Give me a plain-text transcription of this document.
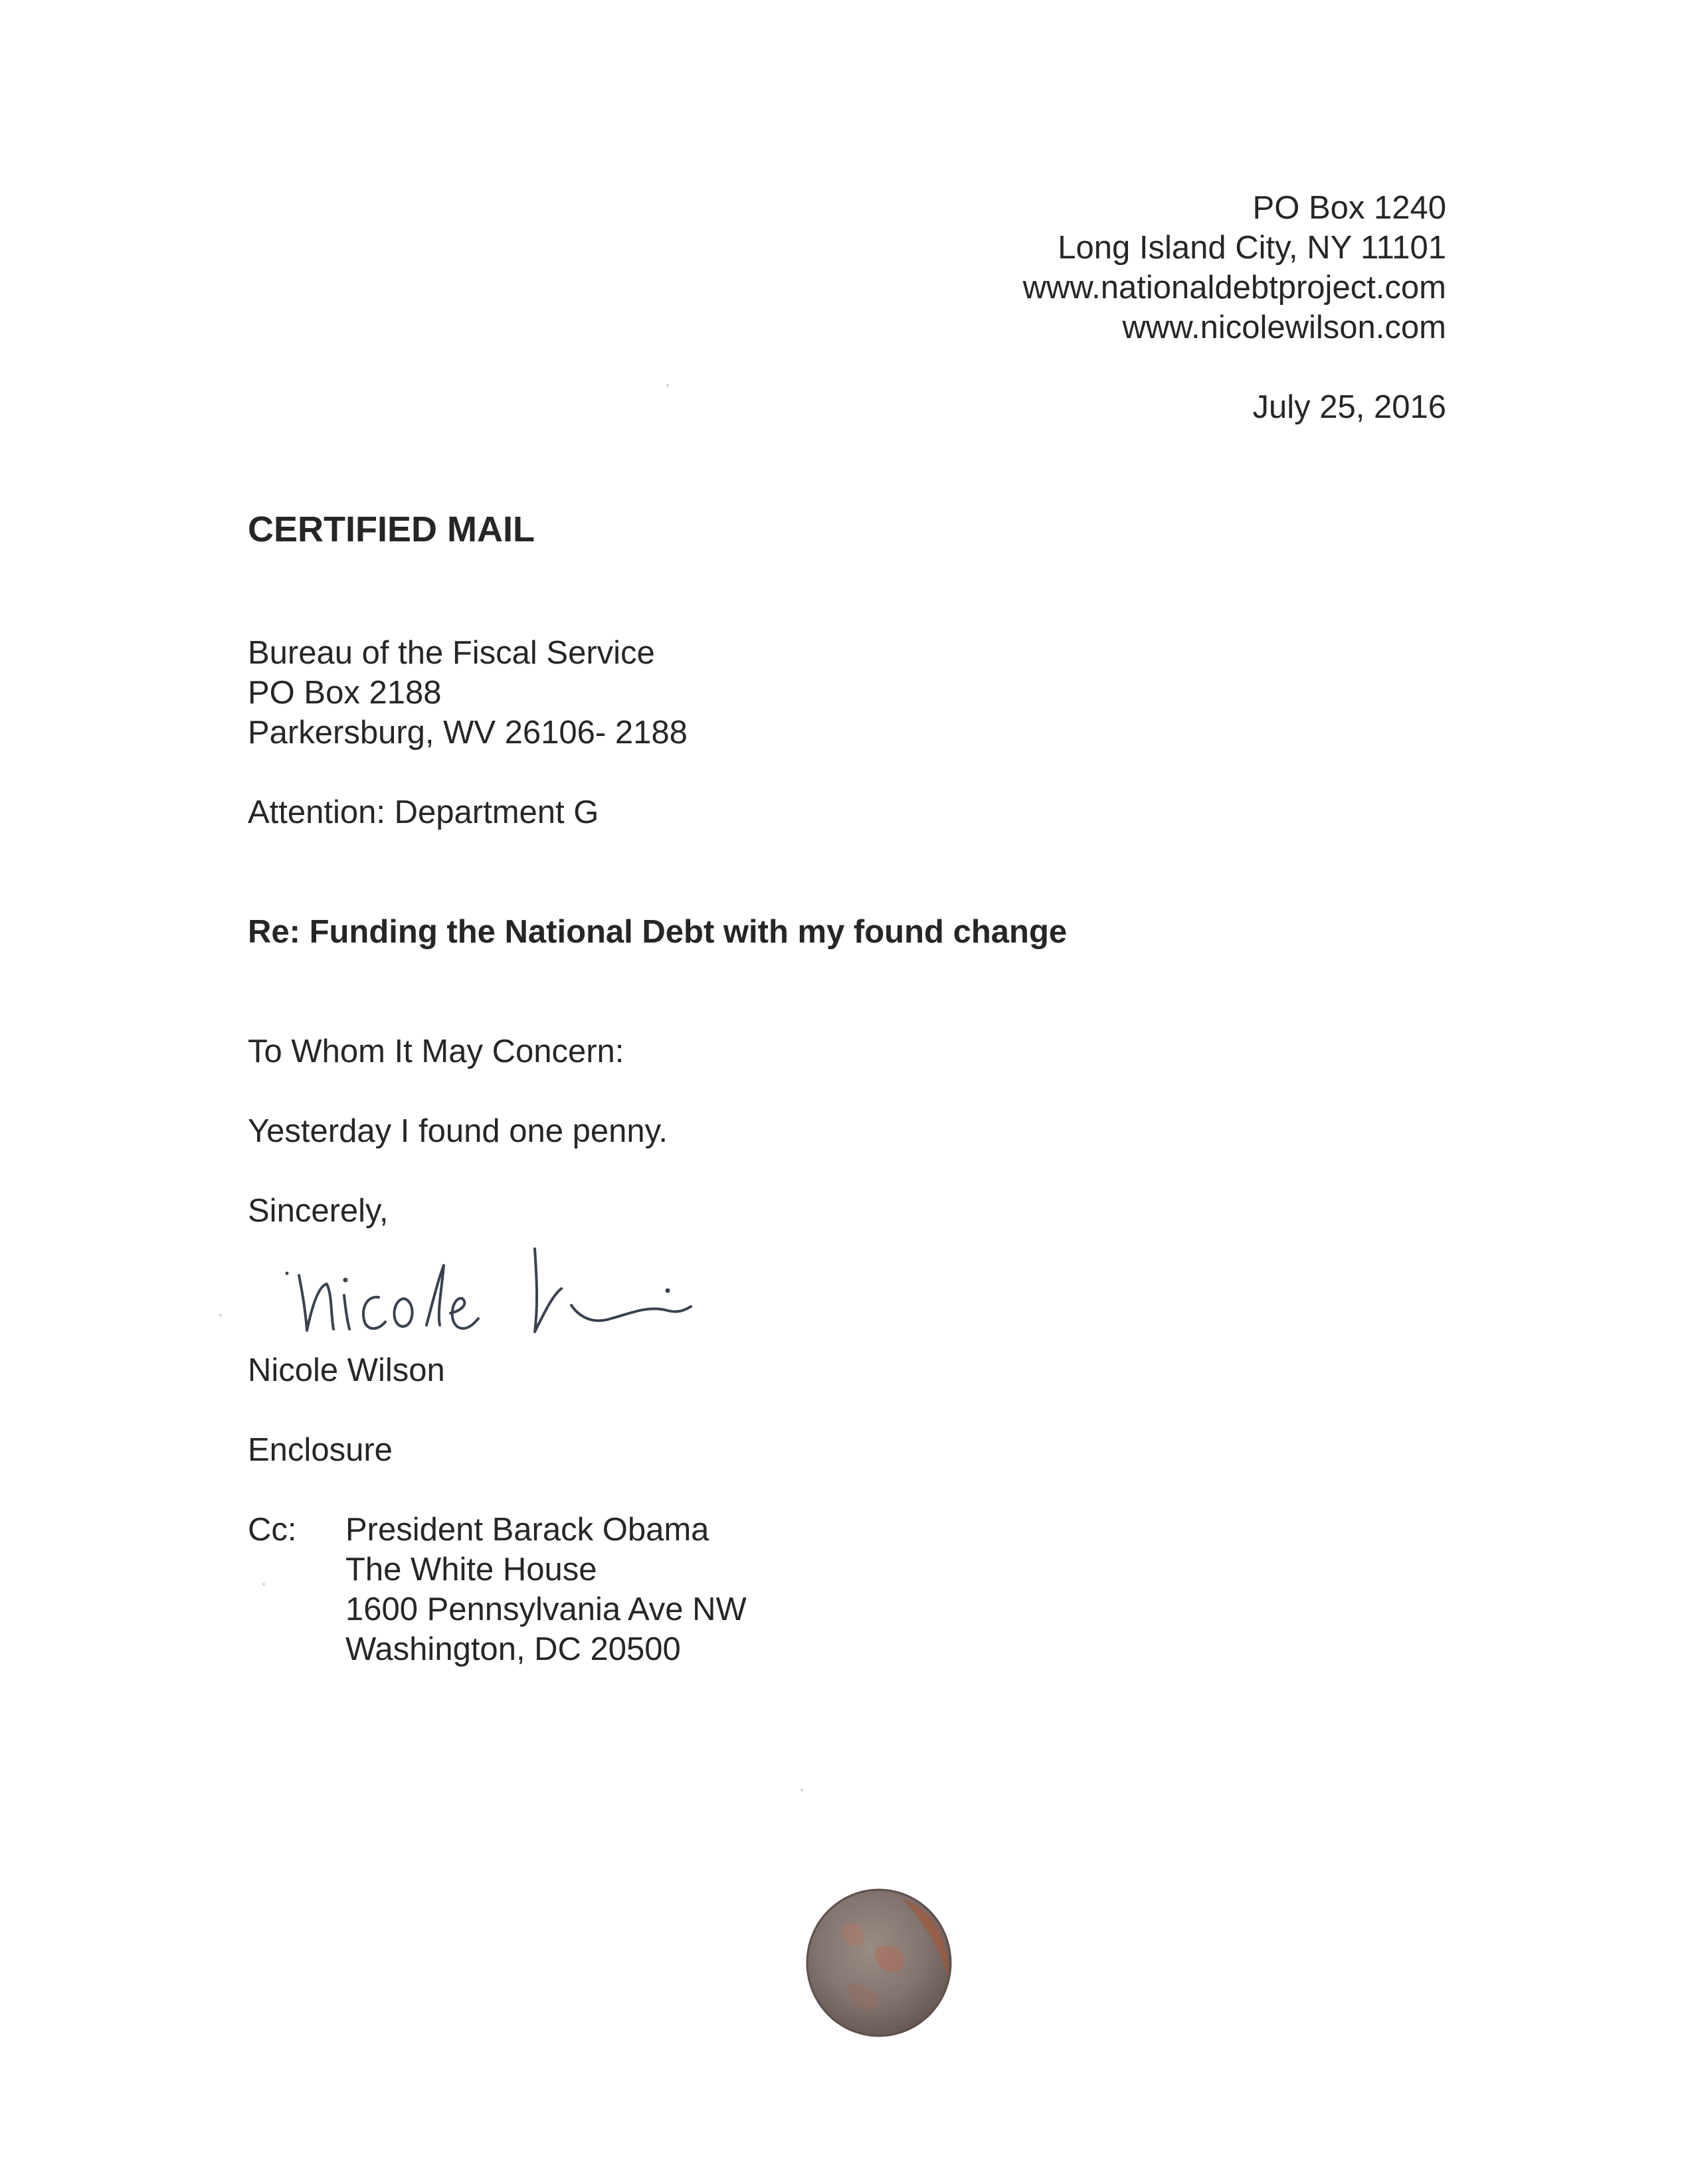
PO Box 1240

Long Island City, NY 11101

www.nationaldebtproject.com

www.nicolewilson.com

July 25, 2016

CERTIFIED MAIL

Bureau of the Fiscal Service

PO Box 2188

Parkersburg, WV 26106- 2188

Attention: Department G

Re: Funding the National Debt with my found change

To Whom It May Concern:

Yesterday I found one penny.

Sincerely,

Nicole Wilson

Enclosure

Cc: President Barack Obama

The White House

1600 Pennsylvania Ave NW

Washington, DC 20500
